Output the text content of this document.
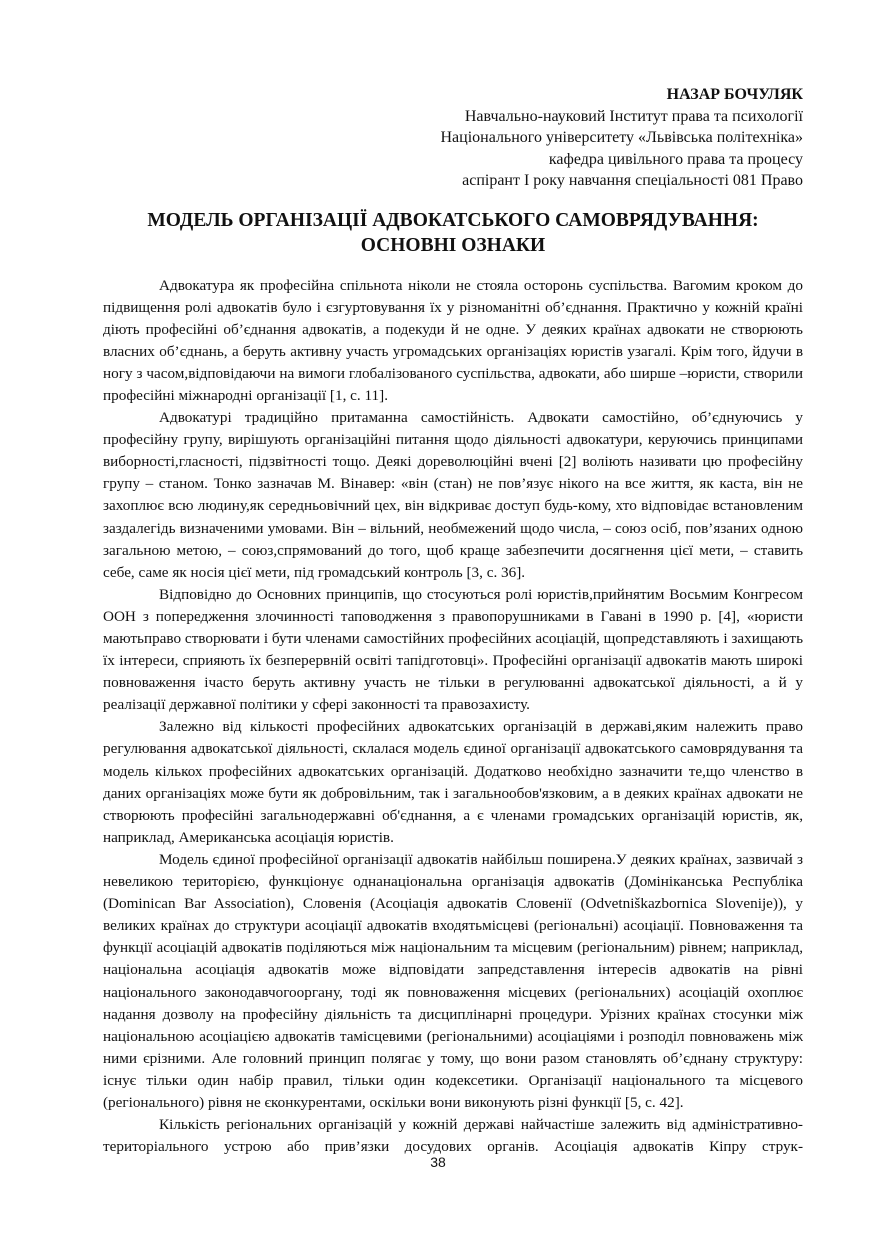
НАЗАР БОЧУЛЯК
Навчально-науковий Інститут права та психології
Національного університету «Львівська політехніка»
кафедра цивільного права та процесу
аспірант І року навчання спеціальності 081 Право
МОДЕЛЬ ОРГАНІЗАЦІЇ АДВОКАТСЬКОГО САМОВРЯДУВАННЯ:
ОСНОВНІ ОЗНАКИ

Адвокатура як професійна спільнота ніколи не стояла осторонь суспільства. Вагомим кроком до підвищення ролі адвокатів було і єзгуртовування їх у різноманітні об’єднання. Практично у кожній країні діють професійні об’єднання адвокатів, а подекуди й не одне. У деяких країнах адвокати не створюють власних об’єднань, а беруть активну участь угромадських організаціях юристів узагалі. Крім того, йдучи в ногу з часом,відповідаючи на вимоги глобалізованого суспільства, адвокати, або ширше –юристи, створили професійні міжнародні організації [1, с. 11].

Адвокатурі традиційно притаманна самостійність. Адвокати самостійно, об’єднуючись у професійну групу, вирішують організаційні питання щодо діяльності адвокатури, керуючись принципами виборності,гласності, підзвітності тощо. Деякі дореволюційні вчені [2] воліють називати цю професійну групу – станом. Тонко зазначав М. Вінавер: «він (стан) не пов’язує нікого на все життя, як каста, він не захоплює всю людину,як середньовічний цех, він відкриває доступ будь-кому, хто відповідає встановленим заздалегідь визначеними умовами. Він – вільний, необмежений щодо числа, – союз осіб, пов’язаних одною загальною метою, – союз,спрямований до того, щоб краще забезпечити досягнення цієї мети, – ставить себе, саме як носія цієї мети, під громадський контроль [3, с. 36].

Відповідно до Основних принципів, що стосуються ролі юристів,прийнятим Восьмим Конгресом ООН з попередження злочинності таповодження з правопорушниками в Гавані в 1990 р. [4], «юристи маютьправо створювати і бути членами самостійних професійних асоціацій, щопредставляють і захищають їх інтереси, сприяють їх безперервній освіті тапідготовці». Професійні організації адвокатів мають широкі повноваження ічасто беруть активну участь не тільки в регулюванні адвокатської діяльності, а й у реалізації державної політики у сфері законності та правозахисту.

Залежно від кількості професійних адвокатських організацій в державі,яким належить право регулювання адвокатської діяльності, склалася модель єдиної організації адвокатського самоврядування та модель кількох професійних адвокатських організацій. Додатково необхідно зазначити те,що членство в даних організаціях може бути як добровільним, так і загальнообов'язковим, а в деяких країнах адвокати не створюють професійні загальнодержавні об'єднання, а є членами громадських організацій юристів, як, наприклад, Американська асоціація юристів.

Модель єдиної професійної організації адвокатів найбільш поширена.У деяких країнах, зазвичай з невеликою територією, функціонує однанаціональна організація адвокатів (Домініканська Республіка (Dominican Bar Association), Словенія (Асоціація адвокатів Словенії (Odvetniškazbornica Slovenije)), у великих країнах до структури асоціації адвокатів входятьмісцеві (регіональні) асоціації. Повноваження та функції асоціацій адвокатів поділяються між національним та місцевим (регіональним) рівнем; наприклад, національна асоціація адвокатів може відповідати запредставлення інтересів адвокатів на рівні національного законодавчогооргану, тоді як повноваження місцевих (регіональних) асоціацій охоплює надання дозволу на професійну діяльність та дисциплінарні процедури. Урізних країнах стосунки між національною асоціацією адвокатів тамісцевими (регіональними) асоціаціями і розподіл повноважень між ними єрізними. Але головний принцип полягає у тому, що вони разом становлять об’єднану структуру: існує тільки один набір правил, тільки один кодексетики. Організації національного та місцевого (регіонального) рівня не єконкурентами, оскільки вони виконують різні функції [5, с. 42].

Кількість регіональних організацій у кожній державі найчастіше залежить від адміністративно-територіального устрою або прив’язки досудових органів. Асоціація адвокатів Кіпру струк-

38
